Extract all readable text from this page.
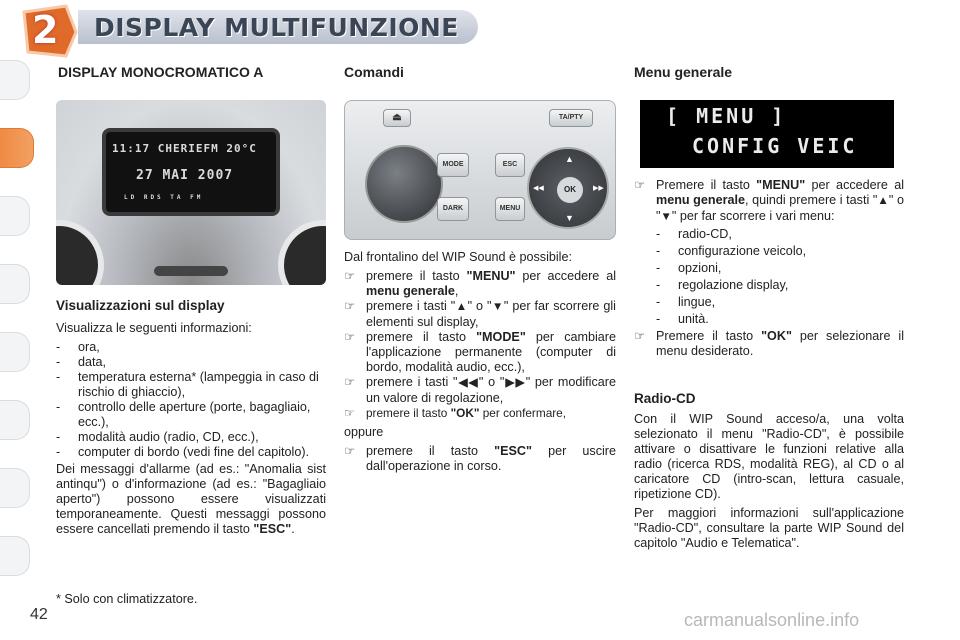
2 DISPLAY MULTIFUNZIONE
DISPLAY MONOCROMATICO A	Comandi	Menu generale
11:17 CHERIEFM 20°C
27 MAI 2007
LD RDS TA FM
⏏	TA/PTY
MODE
DARK
ESC
MENU
▲
▼
◀◀	▶▶
OK
[ MENU ]
CONFIG VEIC
Visualizzazioni sul display

Visualizza le seguenti informazioni:

- ora,
- data,
- temperatura esterna* (lampeggia in caso di rischio di ghiaccio),
- controllo delle aperture (porte, bagagliaio, ecc.),
- modalità audio (radio, CD, ecc.),
- computer di bordo (vedi fine del capitolo).

Dei messaggi d'allarme (ad es.: "Anomalia sist antinqu") o d'informazione (ad es.: "Bagagliaio aperto") possono essere visualizzati temporaneamente. Questi messaggi possono essere cancellati premendo il tasto "ESC".

Dal frontalino del WIP Sound è possibile:

☞ premere il tasto "MENU" per accedere al menu generale,
☞ premere i tasti "▲" o "▼" per far scorrere gli elementi sul display,
☞ premere il tasto "MODE" per cambiare l'applicazione permanente (computer di bordo, modalità audio, ecc.),
☞ premere i tasti "◀◀" o "▶▶" per modificare un valore di regolazione,
☞ premere il tasto "OK" per confermare,

oppure

☞ premere il tasto "ESC" per uscire dall'operazione in corso.
☞ Premere il tasto "MENU" per accedere al menu generale, quindi premere i tasti "▲" o "▼" per far scorrere i vari menu:
- radio-CD,
- configurazione veicolo,
- opzioni,
- regolazione display,
- lingue,
- unità.
☞ Premere il tasto "OK" per selezionare il menu desiderato.
Radio-CD

Con il WIP Sound acceso/a, una volta selezionato il menu "Radio-CD", è possibile attivare o disattivare le funzioni relative alla radio (ricerca RDS, modalità REG), al CD o al caricatore CD (intro-scan, lettura casuale, ripetizione CD).

Per maggiori informazioni sull'applicazione "Radio-CD", consultare la parte WIP Sound del capitolo "Audio e Telematica".

* Solo con climatizzatore.
42	carmanualsonline.info
